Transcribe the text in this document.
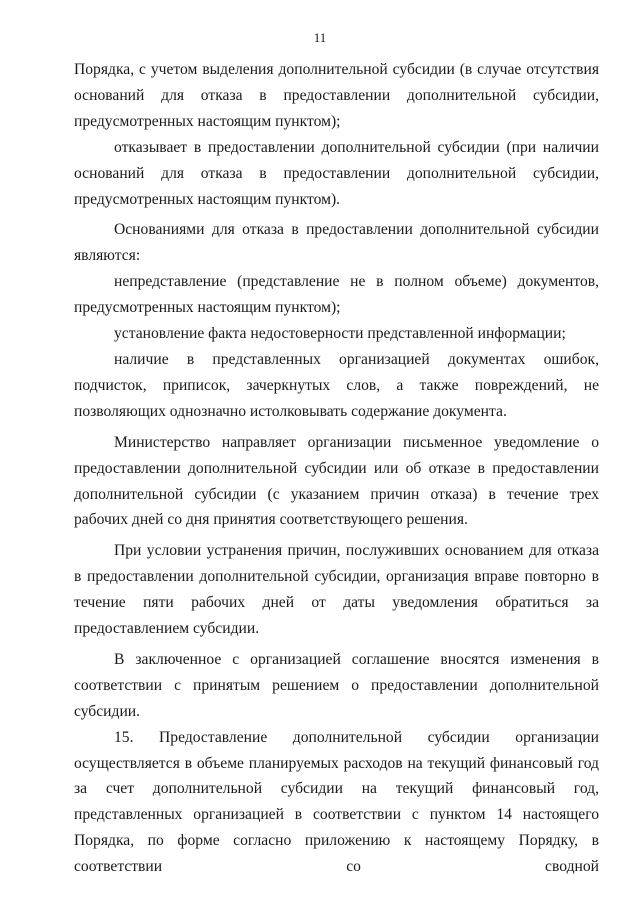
11

Порядка, с учетом выделения дополнительной субсидии (в случае отсутствия оснований для отказа в предоставлении дополнительной субсидии, предусмотренных настоящим пунктом);

отказывает в предоставлении дополнительной субсидии (при наличии оснований для отказа в предоставлении дополнительной субсидии, предусмотренных настоящим пунктом).

Основаниями для отказа в предоставлении дополнительной субсидии являются:

непредставление (представление не в полном объеме) документов, предусмотренных настоящим пунктом);

установление факта недостоверности представленной информации;

наличие в представленных организацией документах ошибок, подчисток, приписок, зачеркнутых слов, а также повреждений, не позволяющих однозначно истолковывать содержание документа.

Министерство направляет организации письменное уведомление о предоставлении дополнительной субсидии или об отказе в предоставлении дополнительной субсидии (с указанием причин отказа) в течение трех рабочих дней со дня принятия соответствующего решения.

При условии устранения причин, послуживших основанием для отказа в предоставлении дополнительной субсидии, организация вправе повторно в течение пяти рабочих дней от даты уведомления обратиться за предоставлением субсидии.

В заключенное с организацией соглашение вносятся изменения в соответствии с принятым решением о предоставлении дополнительной субсидии.

15. Предоставление дополнительной субсидии организации осуществляется в объеме планируемых расходов на текущий финансовый год за счет дополнительной субсидии на текущий финансовый год, представленных организацией в соответствии с пунктом 14 настоящего Порядка, по форме согласно приложению к настоящему Порядку, в соответствии со сводной
